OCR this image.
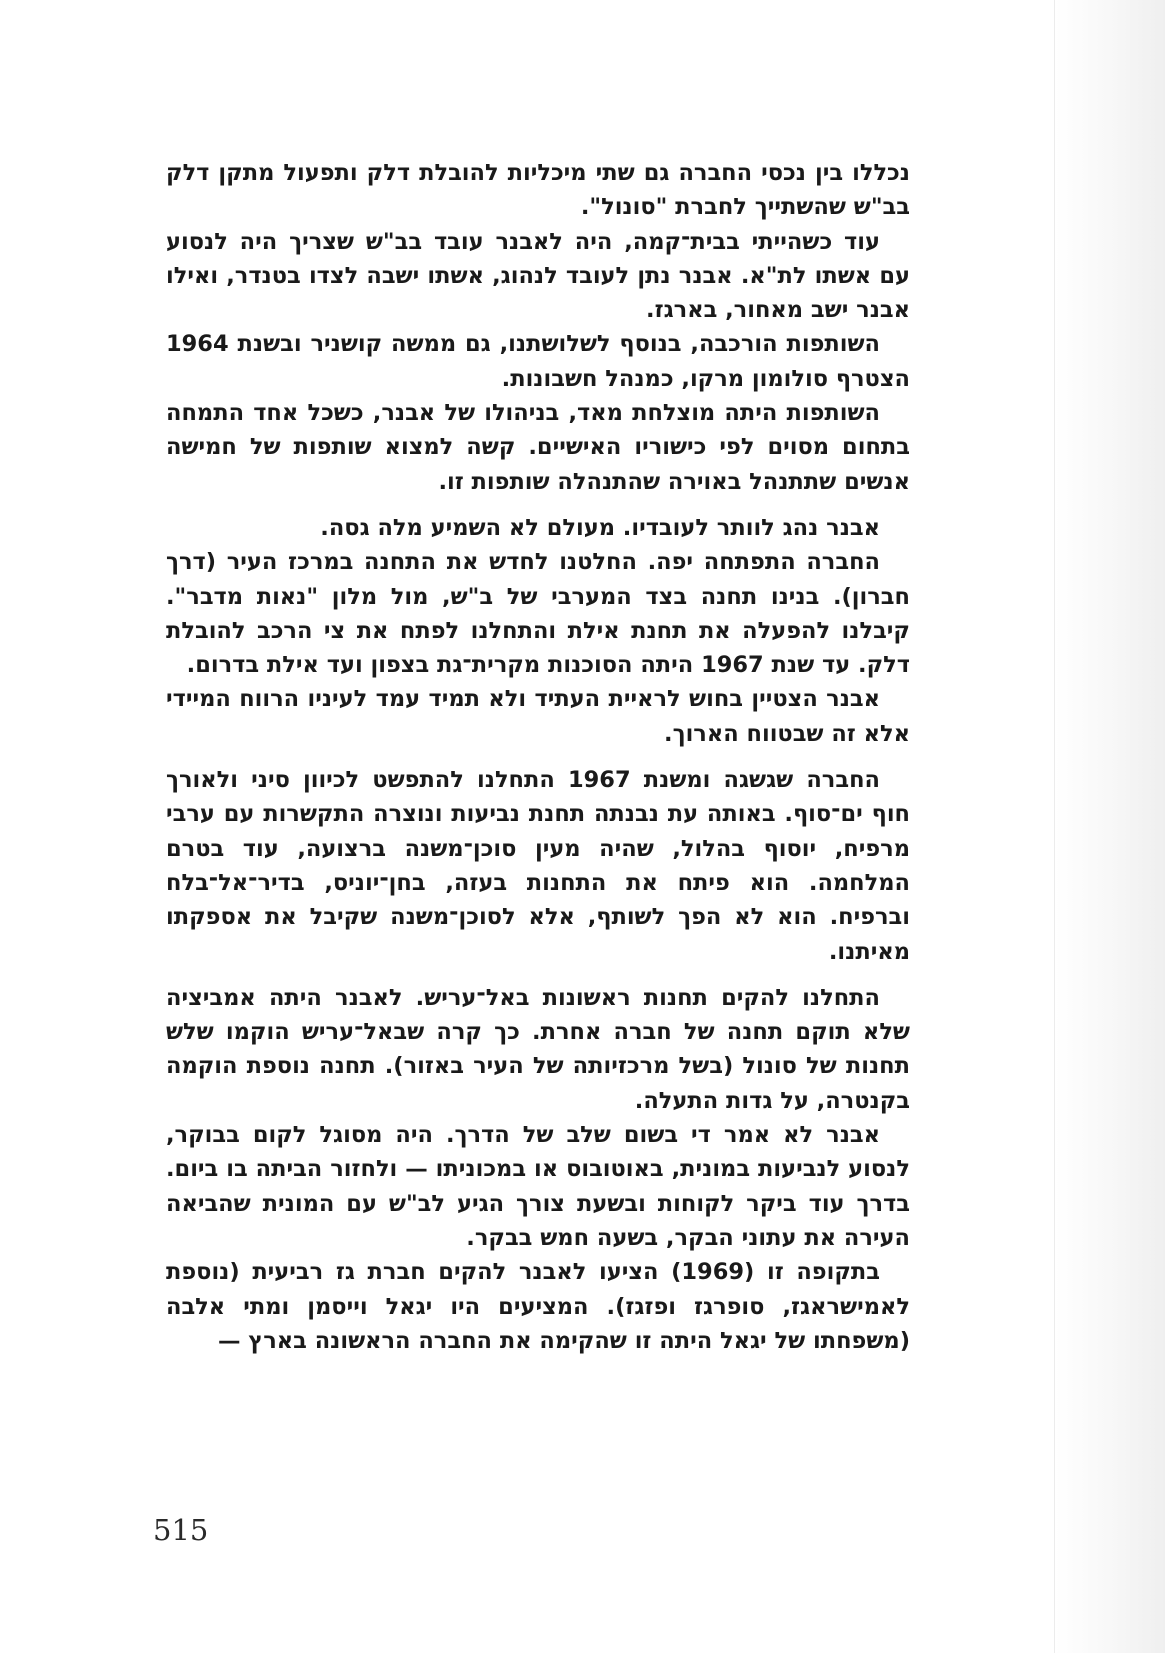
נכללו בין נכסי החברה גם שתי מיכליות להובלת דלק ותפעול מתקן דלק בב"ש שהשתייך לחברת "סונול".

עוד כשהייתי בבית־קמה, היה לאבנר עובד בב"ש שצריך היה לנסוע עם אשתו לת"א. אבנר נתן לעובד לנהוג, אשתו ישבה לצדו בטנדר, ואילו אבנר ישב מאחור, בארגז.

השותפות הורכבה, בנוסף לשלושתנו, גם ממשה קושניר ובשנת 1964 הצטרף סולומון מרקו, כמנהל חשבונות.

השותפות היתה מוצלחת מאד, בניהולו של אבנר, כשכל אחד התמחה בתחום מסוים לפי כישוריו האישיים. קשה למצוא שותפות של חמישה אנשים שתתנהל באוירה שהתנהלה שותפות זו.

אבנר נהג לוותר לעובדיו. מעולם לא השמיע מלה גסה.

החברה התפתחה יפה. החלטנו לחדש את התחנה במרכז העיר (דרך חברון). בנינו תחנה בצד המערבי של ב"ש, מול מלון "נאות מדבר". קיבלנו להפעלה את תחנת אילת והתחלנו לפתח את צי הרכב להובלת דלק. עד שנת 1967 היתה הסוכנות מקרית־גת בצפון ועד אילת בדרום.

אבנר הצטיין בחוש לראיית העתיד ולא תמיד עמד לעיניו הרווח המיידי אלא זה שבטווח הארוך.

החברה שגשגה ומשנת 1967 התחלנו להתפשט לכיוון סיני ולאורך חוף ים־סוף. באותה עת נבנתה תחנת נביעות ונוצרה התקשרות עם ערבי מרפיח, יוסוף בהלול, שהיה מעין סוכן־משנה ברצועה, עוד בטרם המלחמה. הוא פיתח את התחנות בעזה, בחן־יוניס, בדיר־אל־בלח וברפיח. הוא לא הפך לשותף, אלא לסוכן־משנה שקיבל את אספקתו מאיתנו.

התחלנו להקים תחנות ראשונות באל־עריש. לאבנר היתה אמביציה שלא תוקם תחנה של חברה אחרת. כך קרה שבאל־עריש הוקמו שלש תחנות של סונול (בשל מרכזיותה של העיר באזור). תחנה נוספת הוקמה בקנטרה, על גדות התעלה.

אבנר לא אמר די בשום שלב של הדרך. היה מסוגל לקום בבוקר, לנסוע לנביעות במונית, באוטובוס או במכוניתו — ולחזור הביתה בו ביום. בדרך עוד ביקר לקוחות ובשעת צורך הגיע לב"ש עם המונית שהביאה העירה את עתוני הבקר, בשעה חמש בבקר.

בתקופה זו (1969) הציעו לאבנר להקים חברת גז רביעית (נוספת לאמישראגז, סופרגז ופזגז). המציעים היו יגאל וייסמן ומתי אלבה (משפחתו של יגאל היתה זו שהקימה את החברה הראשונה בארץ —

515
